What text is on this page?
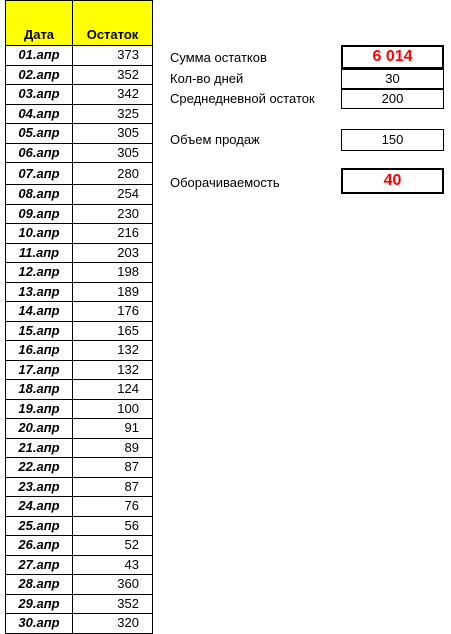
Дата	Остаток
01.апр	373
02.апр	352
03.апр	342
04.апр	325
05.апр	305
06.апр	305
07.апр	280
08.апр	254
09.апр	230
10.апр	216
11.апр	203
12.апр	198
13.апр	189
14.апр	176
15.апр	165
16.апр	132
17.апр	132
18.апр	124
19.апр	100
20.апр	91
21.апр	89
22.апр	87
23.апр	87
24.апр	76
25.апр	56
26.апр	52
27.апр	43
28.апр	360
29.апр	352
30.апр	320
Сумма остатков	6 014
Кол-во дней	30
Среднедневной остаток	200
Объем продаж	150
Оборачиваемость	40
